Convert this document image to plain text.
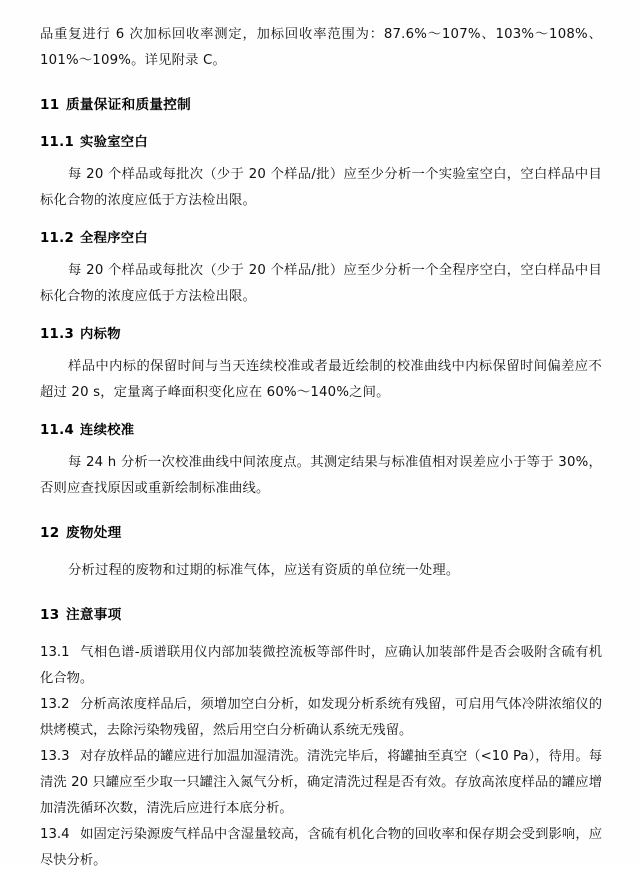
品重复进行 6 次加标回收率测定，加标回收率范围为：87.6%～107%、103%～108%、101%～109%。详见附录 C。

11 质量保证和质量控制

11.1 实验室空白

每 20 个样品或每批次（少于 20 个样品/批）应至少分析一个实验室空白，空白样品中目标化合物的浓度应低于方法检出限。

11.2 全程序空白

每 20 个样品或每批次（少于 20 个样品/批）应至少分析一个全程序空白，空白样品中目标化合物的浓度应低于方法检出限。

11.3 内标物

样品中内标的保留时间与当天连续校准或者最近绘制的校准曲线中内标保留时间偏差应不超过 20 s，定量离子峰面积变化应在 60%～140%之间。

11.4 连续校准

每 24 h 分析一次校准曲线中间浓度点。其测定结果与标准值相对误差应小于等于 30%，否则应查找原因或重新绘制标准曲线。

12 废物处理

分析过程的废物和过期的标准气体，应送有资质的单位统一处理。

13 注意事项

13.1 气相色谱-质谱联用仪内部加装微控流板等部件时，应确认加装部件是否会吸附含硫有机化合物。

13.2 分析高浓度样品后，须增加空白分析，如发现分析系统有残留，可启用气体冷阱浓缩仪的烘烤模式，去除污染物残留，然后用空白分析确认系统无残留。

13.3 对存放样品的罐应进行加温加湿清洗。清洗完毕后，将罐抽至真空（<10 Pa），待用。每清洗 20 只罐应至少取一只罐注入氮气分析，确定清洗过程是否有效。存放高浓度样品的罐应增加清洗循环次数，清洗后应进行本底分析。

13.4 如固定污染源废气样品中含湿量较高，含硫有机化合物的回收率和保存期会受到影响，应尽快分析。
